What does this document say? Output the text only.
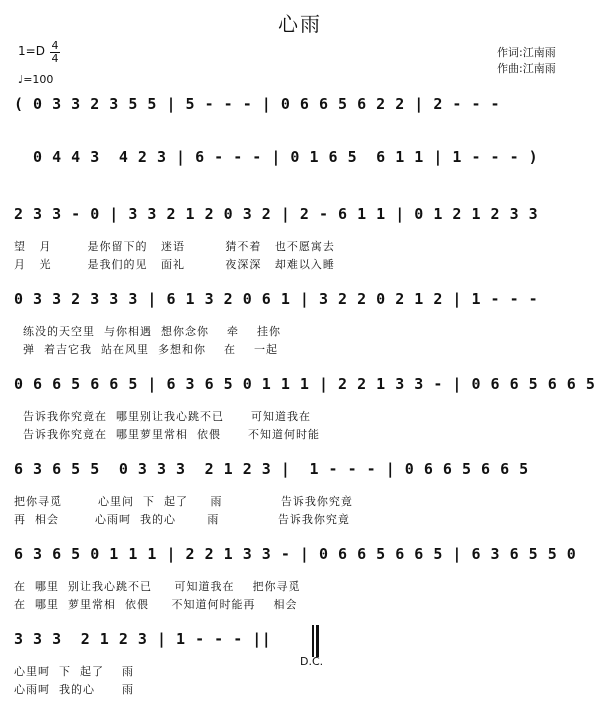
心雨
1=D 4
4
♩=100
作词:江南雨
作曲:江南雨
( 0 3 3 2 3 5 5 | 5 - - - | 0 6 6 5 6 2 2 | 2 - - -
0 4 4 3  4 2 3 | 6 - - - | 0 1 6 5  6 1 1 | 1 - - - )
2 3 3 - 0 | 3 3 2 1 2 0 3 2 | 2 - 6 1 1 | 0 1 2 1 2 3 3
望   月        是你留下的   迷语         猜不着   也不愿寓去
月   光        是我们的见   面礼         夜深深   却难以入睡
0 3 3 2 3 3 3 | 6 1 3 2 0 6 1 | 3 2 2 0 2 1 2 | 1 - - -
练没的天空里  与你相遇  想你念你    牵    挂你
弹  着吉它我  站在风里  多想和你    在    一起
0 6 6 5 6 6 5 | 6 3 6 5 0 1 1 1 | 2 2 1 3 3 - | 0 6 6 5 6 6 5
告诉我你究竟在  哪里别让我心跳不已      可知道我在
告诉我你究竟在  哪里萝里常相  依偎      不知道何时能
6 3 6 5 5  0 3 3 3  2 1 2 3 |  1 - - - | 0 6 6 5 6 6 5
把你寻觅        心里问  下  起了     雨             告诉我你究竟
再  相会        心雨呵  我的心       雨             告诉我你究竟
6 3 6 5 0 1 1 1 | 2 2 1 3 3 - | 0 6 6 5 6 6 5 | 6 3 6 5 5 0
在  哪里  别让我心跳不已     可知道我在    把你寻觅
在  哪里  萝里常相  依偎     不知道何时能再    相会
3 3 3  2 1 2 3 | 1 - - - ||
心里呵  下  起了    雨
心雨呵  我的心      雨
D.C.
